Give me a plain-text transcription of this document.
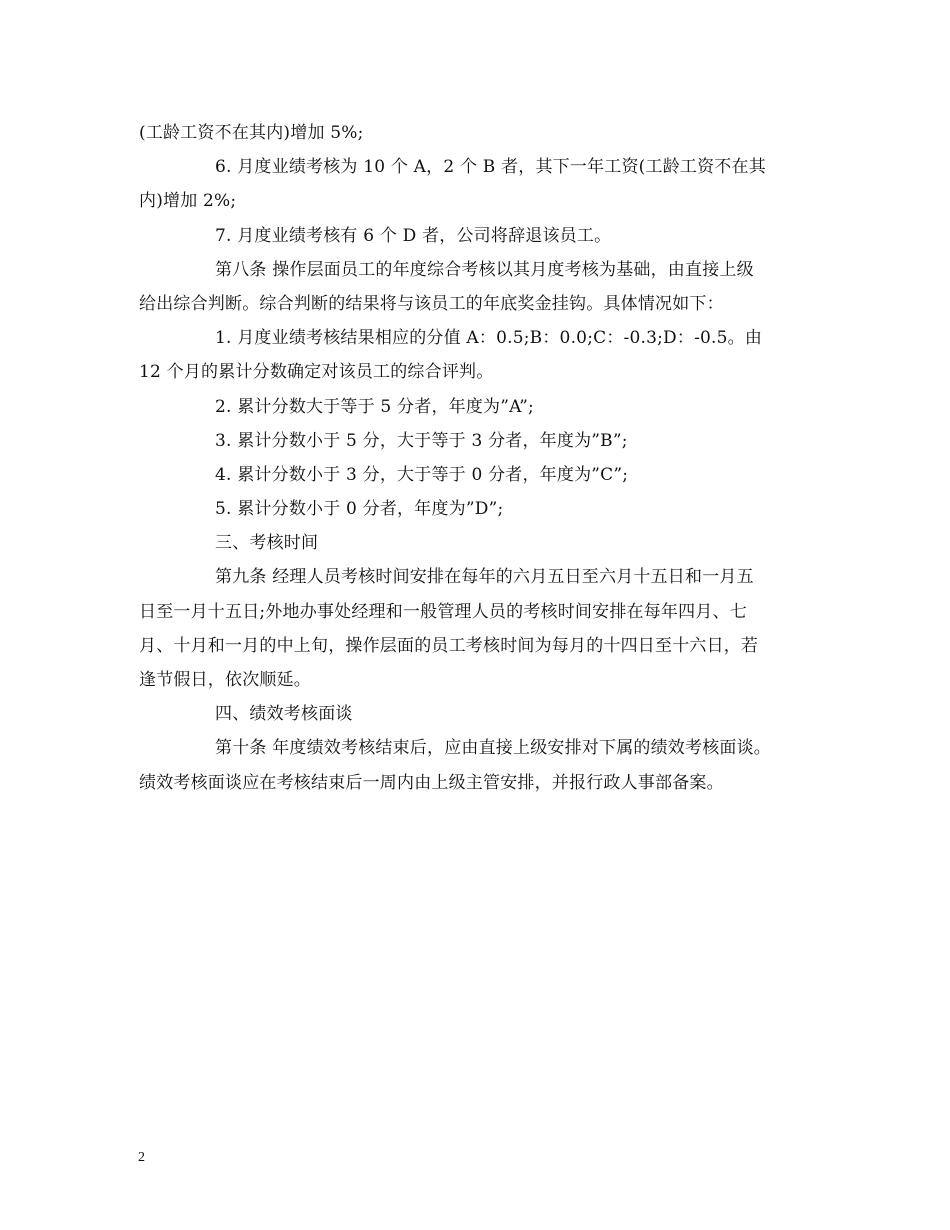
(工龄工资不在其内)增加 5%;
6. 月度业绩考核为 10 个 A，2 个 B 者，其下一年工资(工龄工资不在其
内)增加 2%;
7. 月度业绩考核有 6 个 D 者，公司将辞退该员工。
第八条 操作层面员工的年度综合考核以其月度考核为基础，由直接上级
给出综合判断。综合判断的结果将与该员工的年底奖金挂钩。具体情况如下：
1. 月度业绩考核结果相应的分值 A：0.5;B：0.0;C：-0.3;D：-0.5。由
12 个月的累计分数确定对该员工的综合评判。
2. 累计分数大于等于 5 分者，年度为”A”;
3. 累计分数小于 5 分，大于等于 3 分者，年度为”B”;
4. 累计分数小于 3 分，大于等于 0 分者，年度为”C”;
5. 累计分数小于 0 分者，年度为”D”;
三、考核时间
第九条 经理人员考核时间安排在每年的六月五日至六月十五日和一月五
日至一月十五日;外地办事处经理和一般管理人员的考核时间安排在每年四月、七
月、十月和一月的中上旬，操作层面的员工考核时间为每月的十四日至十六日，若
逢节假日，依次顺延。
四、绩效考核面谈
第十条 年度绩效考核结束后，应由直接上级安排对下属的绩效考核面谈。
绩效考核面谈应在考核结束后一周内由上级主管安排，并报行政人事部备案。
2
